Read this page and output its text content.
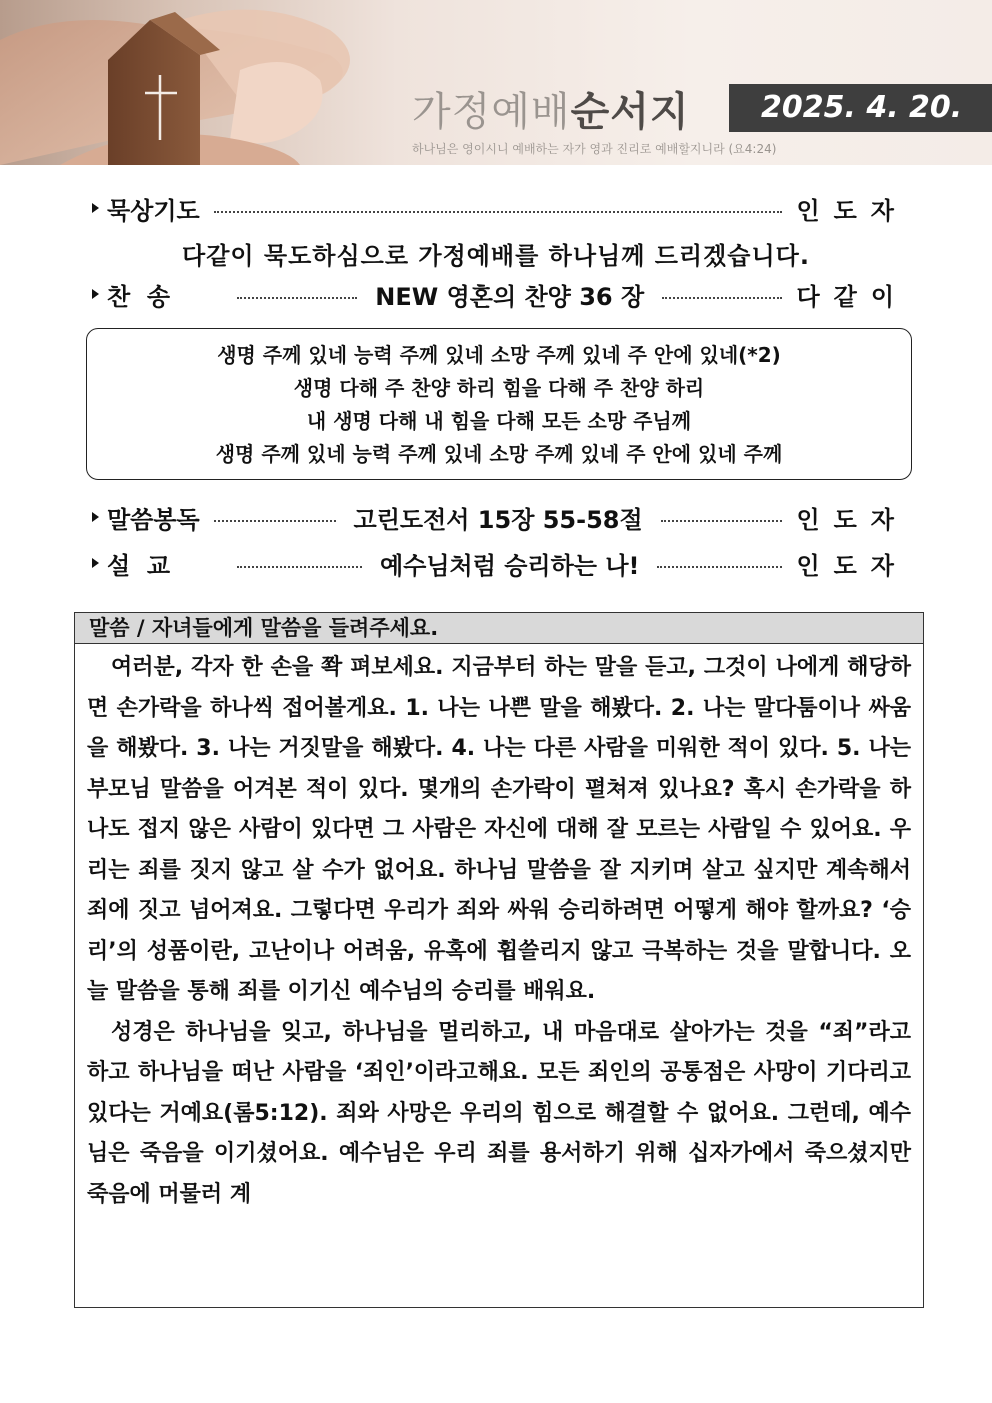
가정예배순서지	2025. 4. 20.
하나님은 영이시니 예배하는 자가 영과 진리로 예배할지니라 (요4:24)
묵상기도	인도자
다같이 묵도하심으로 가정예배를 하나님께 드리겠습니다.
찬  송	NEW 영혼의 찬양 36 장	다같이
생명 주께 있네 능력 주께 있네 소망 주께 있네 주 안에 있네(*2)
생명 다해 주 찬양 하리 힘을 다해 주 찬양 하리
내 생명 다해 내 힘을 다해 모든 소망 주님께
생명 주께 있네 능력 주께 있네 소망 주께 있네 주 안에 있네 주께
말씀봉독	고린도전서 15장 55-58절	인도자
설  교	예수님처럼 승리하는 나!	인도자
말씀 / 자녀들에게 말씀을 들려주세요.

여러분, 각자 한 손을 쫙 펴보세요. 지금부터 하는 말을 듣고, 그것이 나에게 해당하면 손가락을 하나씩 접어볼게요. 1. 나는 나쁜 말을 해봤다. 2. 나는 말다툼이나 싸움을 해봤다. 3. 나는 거짓말을 해봤다. 4. 나는 다른 사람을 미워한 적이 있다. 5. 나는 부모님 말씀을 어겨본 적이 있다. 몇개의 손가락이 펼쳐져 있나요? 혹시 손가락을 하나도 접지 않은 사람이 있다면 그 사람은 자신에 대해 잘 모르는 사람일 수 있어요. 우리는 죄를 짓지 않고 살 수가 없어요. 하나님 말씀을 잘 지키며 살고 싶지만 계속해서 죄에 짓고 넘어져요. 그렇다면 우리가 죄와 싸워 승리하려면 어떻게 해야 할까요? ‘승리’의 성품이란, 고난이나 어려움, 유혹에 휩쓸리지 않고 극복하는 것을 말합니다. 오늘 말씀을 통해 죄를 이기신 예수님의 승리를 배워요.

성경은 하나님을 잊고, 하나님을 멀리하고, 내 마음대로 살아가는 것을 “죄”라고 하고 하나님을 떠난 사람을 ‘죄인’이라고해요. 모든 죄인의 공통점은 사망이 기다리고 있다는 거예요(롬5:12). 죄와 사망은 우리의 힘으로 해결할 수 없어요. 그런데, 예수님은 죽음을 이기셨어요. 예수님은 우리 죄를 용서하기 위해 십자가에서 죽으셨지만 죽음에 머물러 계
